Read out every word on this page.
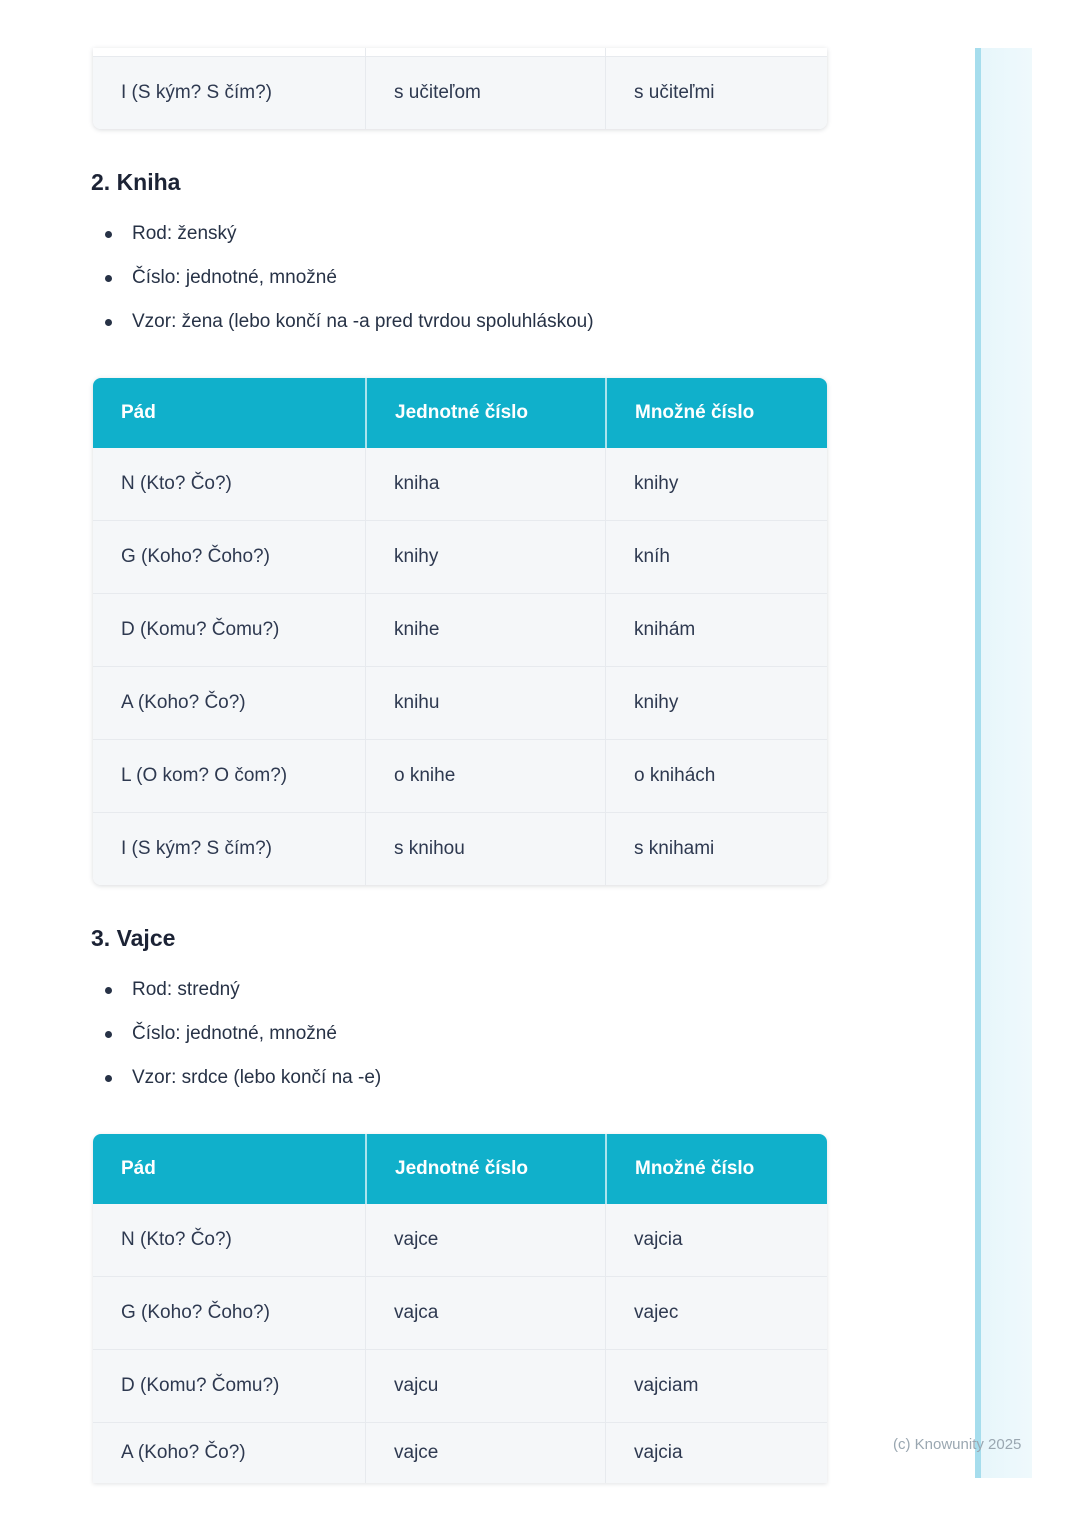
I (S kým? S čím?)	s učiteľom	s učiteľmi
2. Kniha
Rod: ženský
Číslo: jednotné, množné
Vzor: žena (lebo končí na -a pred tvrdou spoluhláskou)
Pád	Jednotné číslo	Množné číslo
N (Kto? Čo?)	kniha	knihy
G (Koho? Čoho?)	knihy	kníh
D (Komu? Čomu?)	knihe	knihám
A (Koho? Čo?)	knihu	knihy
L (O kom? O čom?)	o knihe	o knihách
I (S kým? S čím?)	s knihou	s knihami
3. Vajce
Rod: stredný
Číslo: jednotné, množné
Vzor: srdce (lebo končí na -e)
Pád	Jednotné číslo	Množné číslo
N (Kto? Čo?)	vajce	vajcia
G (Koho? Čoho?)	vajca	vajec
D (Komu? Čomu?)	vajcu	vajciam
A (Koho? Čo?)	vajce	vajcia	(c) Knowunity 2025
